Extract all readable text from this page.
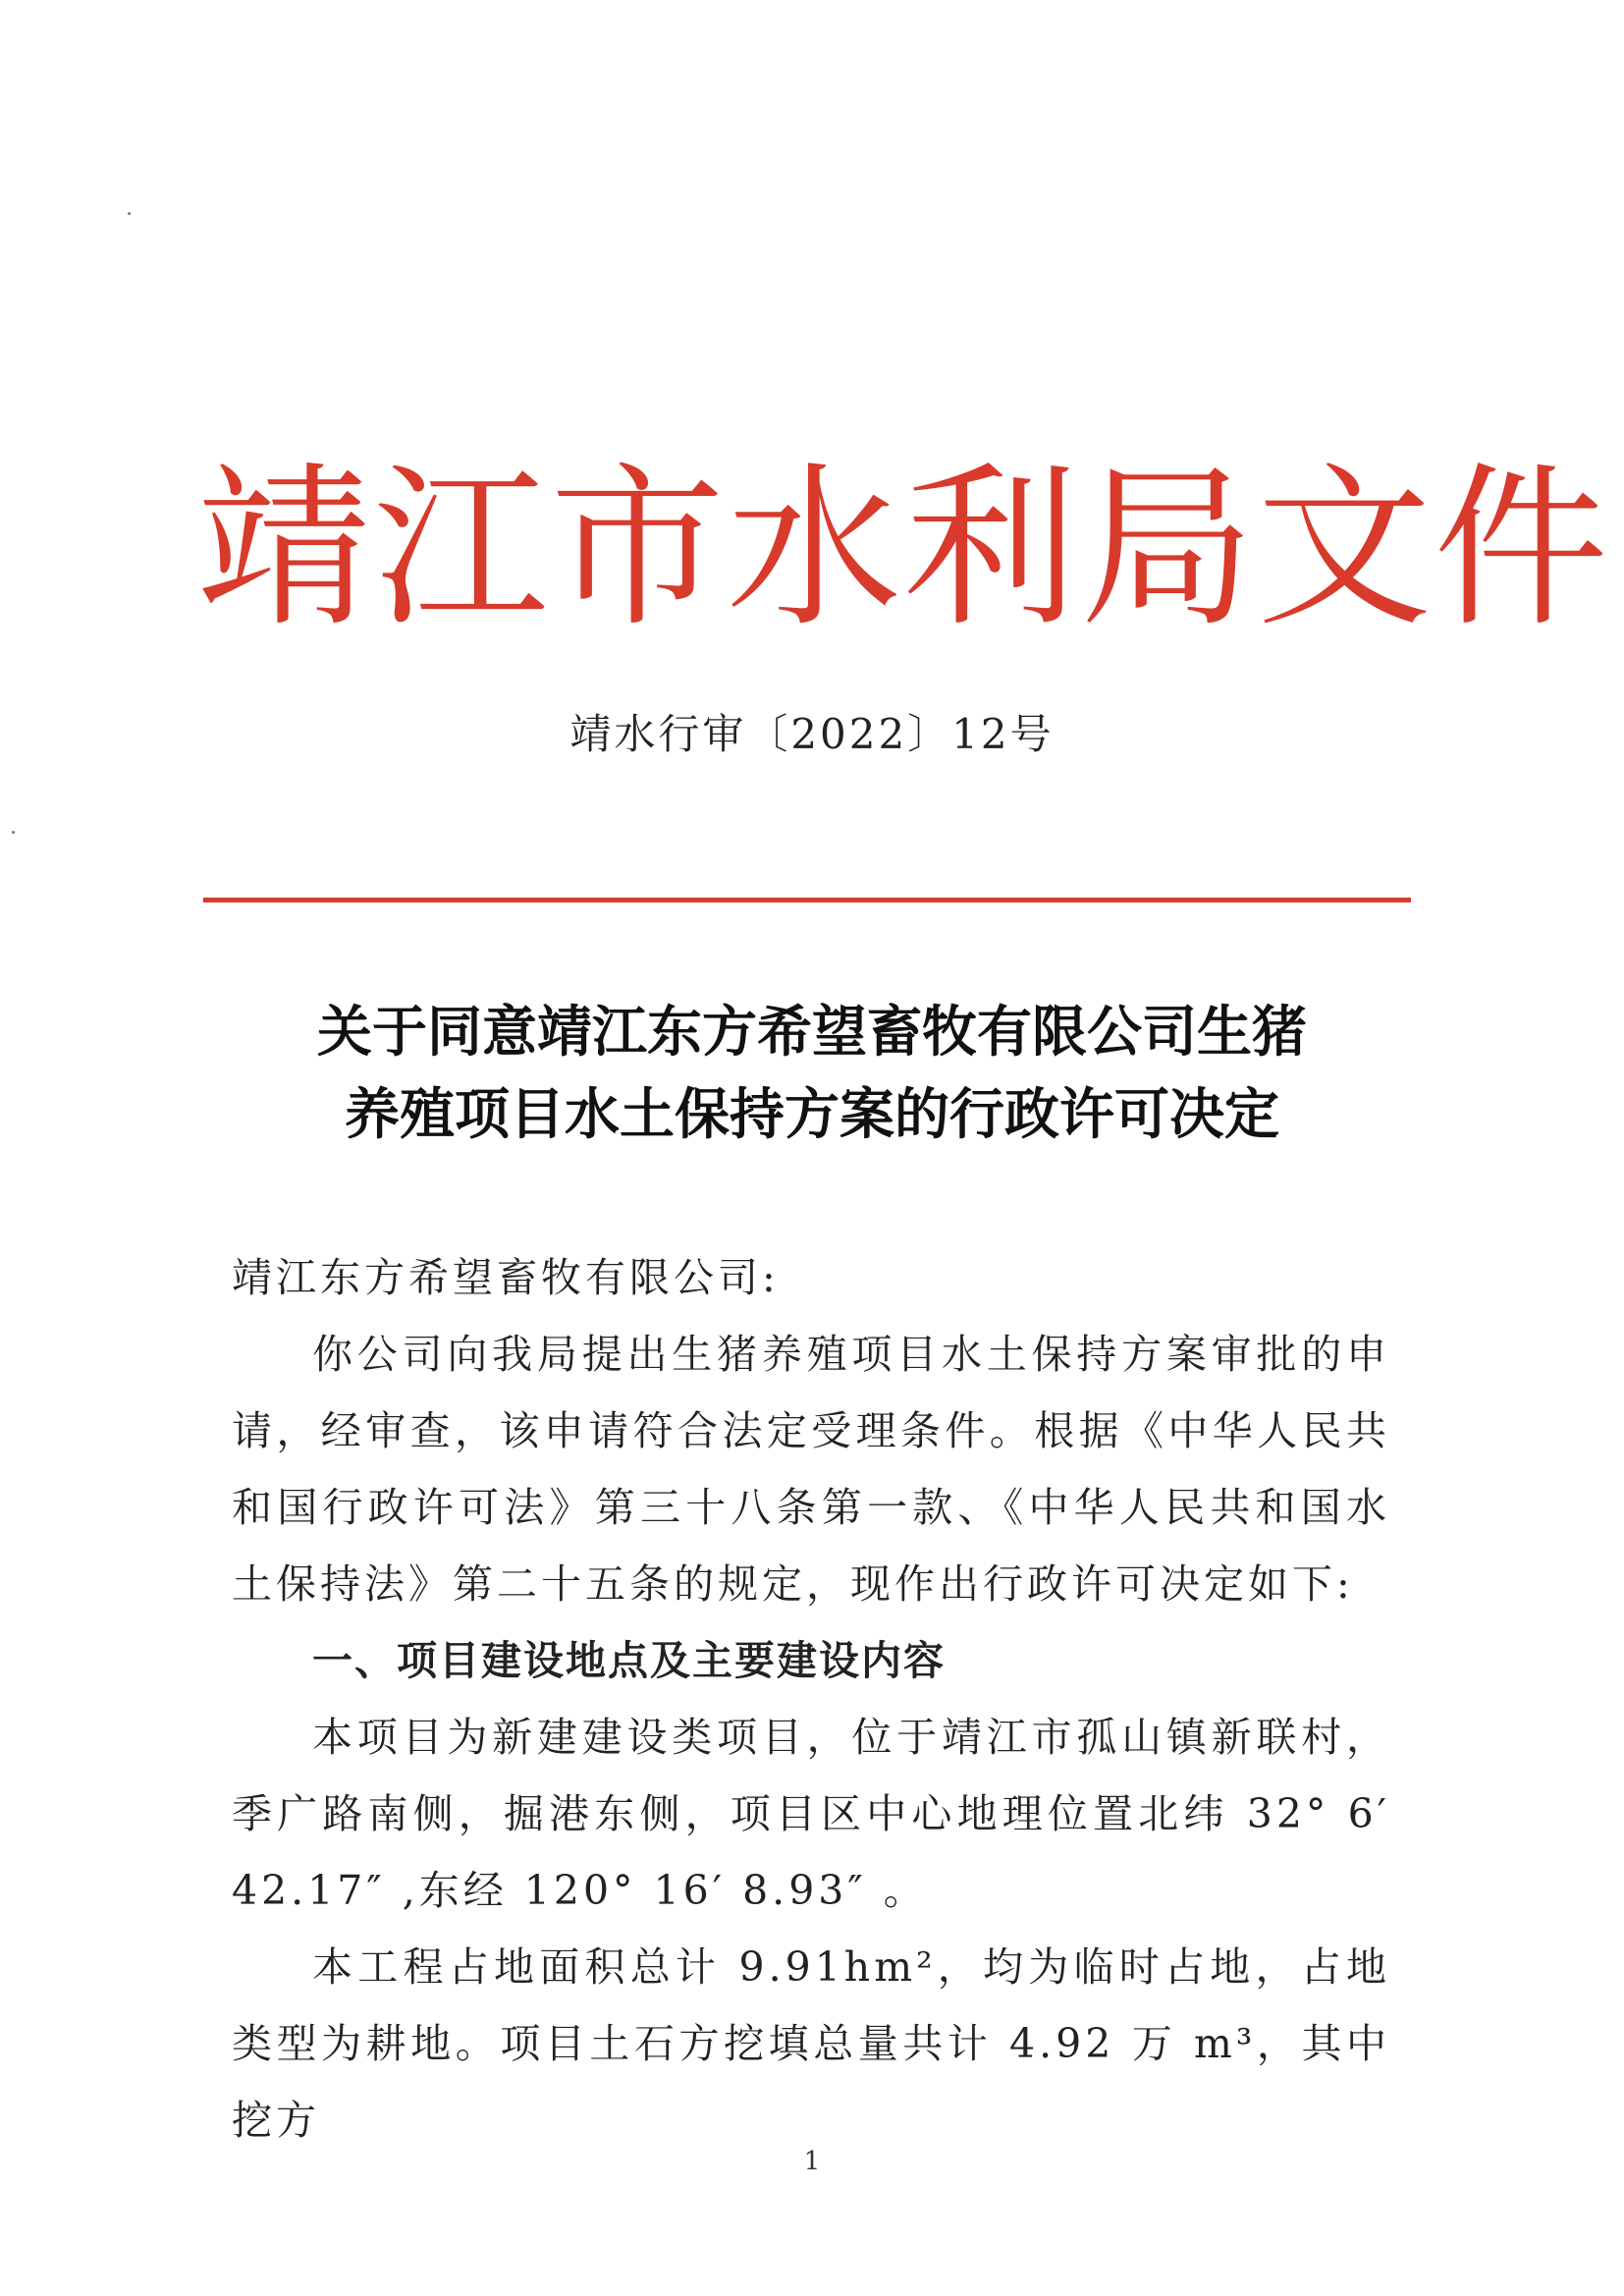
靖江市水利局文件
靖水行审〔2022〕12号
关于同意靖江东方希望畜牧有限公司生猪
养殖项目水土保持方案的行政许可决定

靖江东方希望畜牧有限公司:

你公司向我局提出生猪养殖项目水土保持方案审批的申请，经审查，该申请符合法定受理条件。根据《中华人民共和国行政许可法》第三十八条第一款、《中华人民共和国水土保持法》第二十五条的规定，现作出行政许可决定如下:

一、项目建设地点及主要建设内容

本项目为新建建设类项目，位于靖江市孤山镇新联村，季广路南侧，掘港东侧，项目区中心地理位置北纬 32° 6′ 42.17″ ,东经 120° 16′ 8.93″ 。

本工程占地面积总计 9.91hm²，均为临时占地，占地类型为耕地。项目土石方挖填总量共计 4.92 万 m³，其中挖方

1
